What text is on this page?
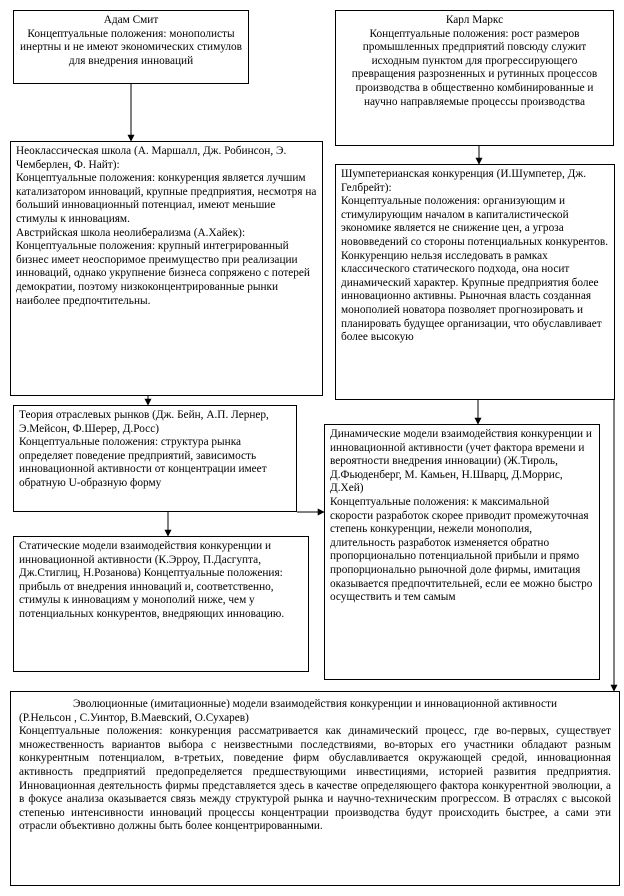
Адам Смит
Концептуальные положения: монополисты инертны и не имеют экономических стимулов для внедрения инноваций

Карл Маркс
Концептуальные положения: рост размеров промышленных предприятий повсюду служит исходным пунктом для прогрессирующего превращения разрозненных и рутинных процессов производства в общественно комбинированные и научно направляемые процессы производства

Неоклассическая школа (А. Маршалл, Дж. Робинсон, Э. Чемберлен, Ф. Найт):
Концептуальные положения: конкуренция является лучшим катализатором инноваций, крупные предприятия, несмотря на больший инновационный потенциал, имеют меньшие стимулы к инновациям.
Австрийская школа неолиберализма (А.Хайек):
Концептуальные положения: крупный интегрированный бизнес имеет неоспоримое преимущество при реализации инноваций, однако укрупнение бизнеса сопряжено с потерей демократии, поэтому низкоконцентрированные рынки наиболее предпочтительны.

Шумпетерианская конкуренция (И.Шумпетер, Дж. Гелбрейт):
Концептуальные положения: организующим и стимулирующим началом в капиталистической экономике является не снижение цен, а угроза нововведений со стороны потенциальных конкурентов. Конкуренцию нельзя исследовать в рамках классического статического подхода, она носит динамический характер. Крупные предприятия более инновационно активны. Рыночная власть созданная монополией новатора позволяет прогнозировать и планировать будущее организации, что обуславливает более высокую

Теория отраслевых рынков (Дж. Бейн, А.П. Лернер, Э.Мейсон, Ф.Шерер, Д.Росс)
Концептуальные положения: структура рынка определяет поведение предприятий, зависимость инновационной активности от концентрации имеет обратную U-образную форму

Динамические модели взаимодействия конкуренции и инновационной активности (учет фактора времени и вероятности внедрения инновации) (Ж.Тироль, Д.Фьюденберг, М. Камьен, Н.Шварц, Д.Моррис, Д.Хей)
Концептуальные положения: к максимальной скорости разработок скорее приводит промежуточная степень конкуренции, нежели монополия, длительность разработок изменяется обратно пропорционально потенциальной прибыли и прямо пропорционально рыночной доле фирмы, имитация оказывается предпочтительней, если ее можно быстро осуществить и тем самым

Статические модели взаимодействия конкуренции и инновационной активности (К.Эрроу, П.Дасгупта, Дж.Стиглиц, Н.Розанова) Концептуальные положения: прибыль от внедрения инноваций и, соответственно, стимулы к инновациям у монополий ниже, чем у потенциальных конкурентов, внедряющих инновацию.

Эволюционные (имитационные) модели взаимодействия конкуренции и инновационной активности

(Р.Нельсон , С.Уинтор, В.Маевский, О.Сухарев)

Концептуальные положения: конкуренция рассматривается как динамический процесс, где во-первых, существует множественность вариантов выбора с неизвестными последствиями, во-вторых его участники обладают разным конкурентным потенциалом, в-третьих, поведение фирм обуславливается окружающей средой, инновационная активность предприятий предопределяется предшествующими инвестициями, историей развития предприятия. Инновационная деятельность фирмы представляется здесь в качестве определяющего фактора конкурентной эволюции, а в фокусе анализа оказывается связь между структурой рынка и научно-техническим прогрессом. В отраслях с высокой степенью интенсивности инноваций процессы концентрации производства будут происходить быстрее, а сами эти отрасли объективно должны быть более концентрированными.
